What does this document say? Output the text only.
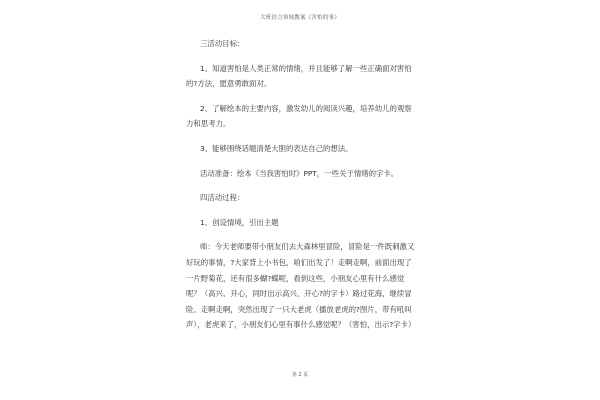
大班语言领域教案《害怕的事》

三活动目标:

1、知道害怕是人类正常的情绪，并且能够了解一些正确面对害怕的?方法，愿意勇敢面对。

2、了解绘本的主要内容，激发幼儿的阅读兴趣，培养幼儿的观察力和思考力。

3、能够围绕话题清楚大胆的表达自己的想法。

活动准备：绘本《当我害怕时》PPT，一些关于情绪的字卡。

四活动过程：

1、创设情境，引出主题

师：今天老师要带小朋友们去大森林里冒险，冒险是一件既刺激又好玩的事情，?大家背上小书包，咱们出发了！走啊走啊，前面出现了一片野菊花，还有很多蝴?蝶呢，看到这些，小朋友心里有什么感觉呢？（高兴、开心，同时出示高兴、开心?的字卡）路过花海，继续冒险。走啊走啊，突然出现了一只大老虎（播放老虎的?图片，带有吼叫声），老虎来了，小朋友们心里有事什么感觉呢？（害怕，出示?字卡）

第 2 页
